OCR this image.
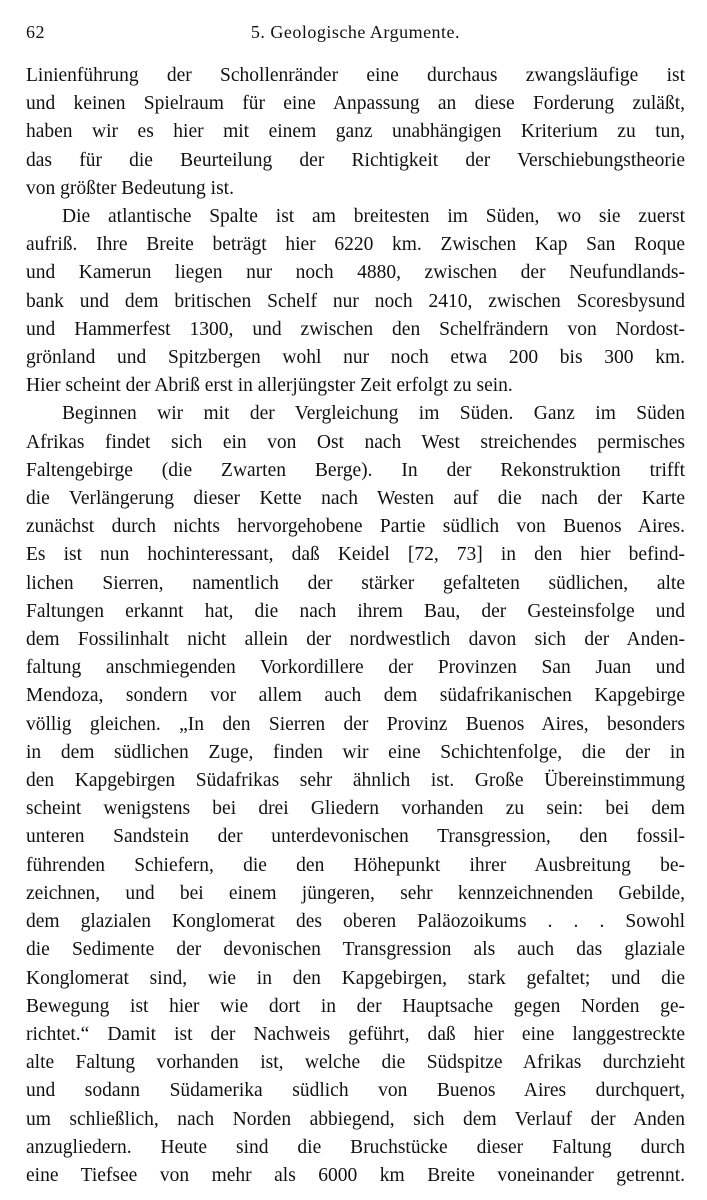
62	5. Geologische Argumente.
Linienführung der Schollenränder eine durchaus zwangsläufige ist
und keinen Spielraum für eine Anpassung an diese Forderung zuläßt,
haben wir es hier mit einem ganz unabhängigen Kriterium zu tun,
das für die Beurteilung der Richtigkeit der Verschiebungstheorie
von größter Bedeutung ist.
Die atlantische Spalte ist am breitesten im Süden, wo sie zuerst
aufriß. Ihre Breite beträgt hier 6220 km. Zwischen Kap San Roque
und Kamerun liegen nur noch 4880, zwischen der Neufundlands-
bank und dem britischen Schelf nur noch 2410, zwischen Scoresbysund
und Hammerfest 1300, und zwischen den Schelfrändern von Nordost-
grönland und Spitzbergen wohl nur noch etwa 200 bis 300 km.
Hier scheint der Abriß erst in allerjüngster Zeit erfolgt zu sein.
Beginnen wir mit der Vergleichung im Süden. Ganz im Süden
Afrikas findet sich ein von Ost nach West streichendes permisches
Faltengebirge (die Zwarten Berge). In der Rekonstruktion trifft
die Verlängerung dieser Kette nach Westen auf die nach der Karte
zunächst durch nichts hervorgehobene Partie südlich von Buenos Aires.
Es ist nun hochinteressant, daß Keidel [72, 73] in den hier befind-
lichen Sierren, namentlich der stärker gefalteten südlichen, alte
Faltungen erkannt hat, die nach ihrem Bau, der Gesteinsfolge und
dem Fossilinhalt nicht allein der nordwestlich davon sich der Anden-
faltung anschmiegenden Vorkordillere der Provinzen San Juan und
Mendoza, sondern vor allem auch dem südafrikanischen Kapgebirge
völlig gleichen. „In den Sierren der Provinz Buenos Aires, besonders
in dem südlichen Zuge, finden wir eine Schichtenfolge, die der in
den Kapgebirgen Südafrikas sehr ähnlich ist. Große Übereinstimmung
scheint wenigstens bei drei Gliedern vorhanden zu sein: bei dem
unteren Sandstein der unterdevonischen Transgression, den fossil-
führenden Schiefern, die den Höhepunkt ihrer Ausbreitung be-
zeichnen, und bei einem jüngeren, sehr kennzeichnenden Gebilde,
dem glazialen Konglomerat des oberen Paläozoikums . . . Sowohl
die Sedimente der devonischen Transgression als auch das glaziale
Konglomerat sind, wie in den Kapgebirgen, stark gefaltet; und die
Bewegung ist hier wie dort in der Hauptsache gegen Norden ge-
richtet.“ Damit ist der Nachweis geführt, daß hier eine langgestreckte
alte Faltung vorhanden ist, welche die Südspitze Afrikas durchzieht
und sodann Südamerika südlich von Buenos Aires durchquert,
um schließlich, nach Norden abbiegend, sich dem Verlauf der Anden
anzugliedern. Heute sind die Bruchstücke dieser Faltung durch
eine Tiefsee von mehr als 6000 km Breite voneinander getrennt.
